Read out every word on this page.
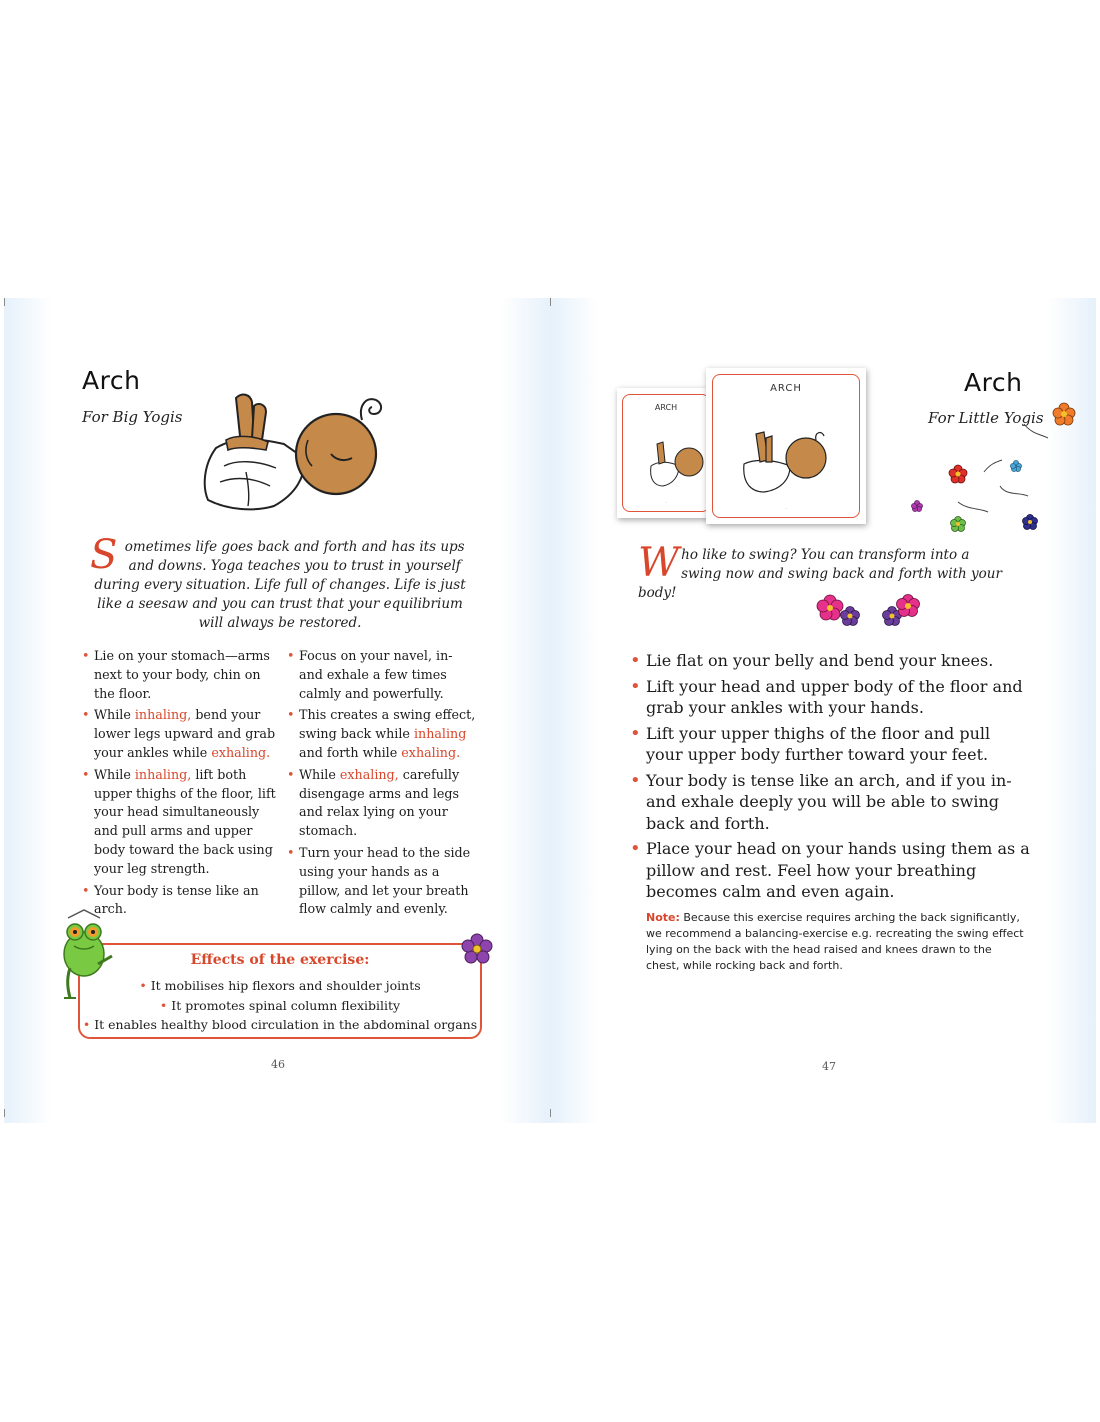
Arch
For Big Yogis
S ometimes life goes back and forth and has its ups and downs. Yoga teaches you to trust in yourself during every situation. Life full of changes. Life is just like a seesaw and you can trust that your equilibrium will always be restored.
• Lie on your stomach—arms next to your body, chin on the floor.
• While inhaling, bend your lower legs upward and grab your ankles while exhaling.
• While inhaling, lift both upper thighs of the floor, lift your head simultaneously and pull arms and upper body toward the back using your leg strength.
• Your body is tense like an arch.
• Focus on your navel, in- and exhale a few times calmly and powerfully.
• This creates a swing effect, swing back while inhaling and forth while exhaling.
• While exhaling, carefully disengage arms and legs and relax lying on your stomach.
• Turn your head to the side using your hands as a pillow, and let your breath flow calmly and evenly.
Effects of the exercise:
• It mobilises hip flexors and shoulder joints
• It promotes spinal column flexibility
• It enables healthy blood circulation in the abdominal organs
46
ARCH
·
ARCH
·
Arch
For Little Yogis
W ho like to swing? You can transform into a swing now and swing back and forth with your body!
• Lie flat on your belly and bend your knees.
• Lift your head and upper body of the floor and grab your ankles with your hands.
• Lift your upper thighs of the floor and pull your upper body further toward your feet.
• Your body is tense like an arch, and if you in- and exhale deeply you will be able to swing back and forth.
• Place your head on your hands using them as a pillow and rest. Feel how your breathing becomes calm and even again.
Note: Because this exercise requires arching the back significantly, we recommend a balancing-exercise e.g. recreating the swing effect lying on the back with the head raised and knees drawn to the chest, while rocking back and forth.
47
